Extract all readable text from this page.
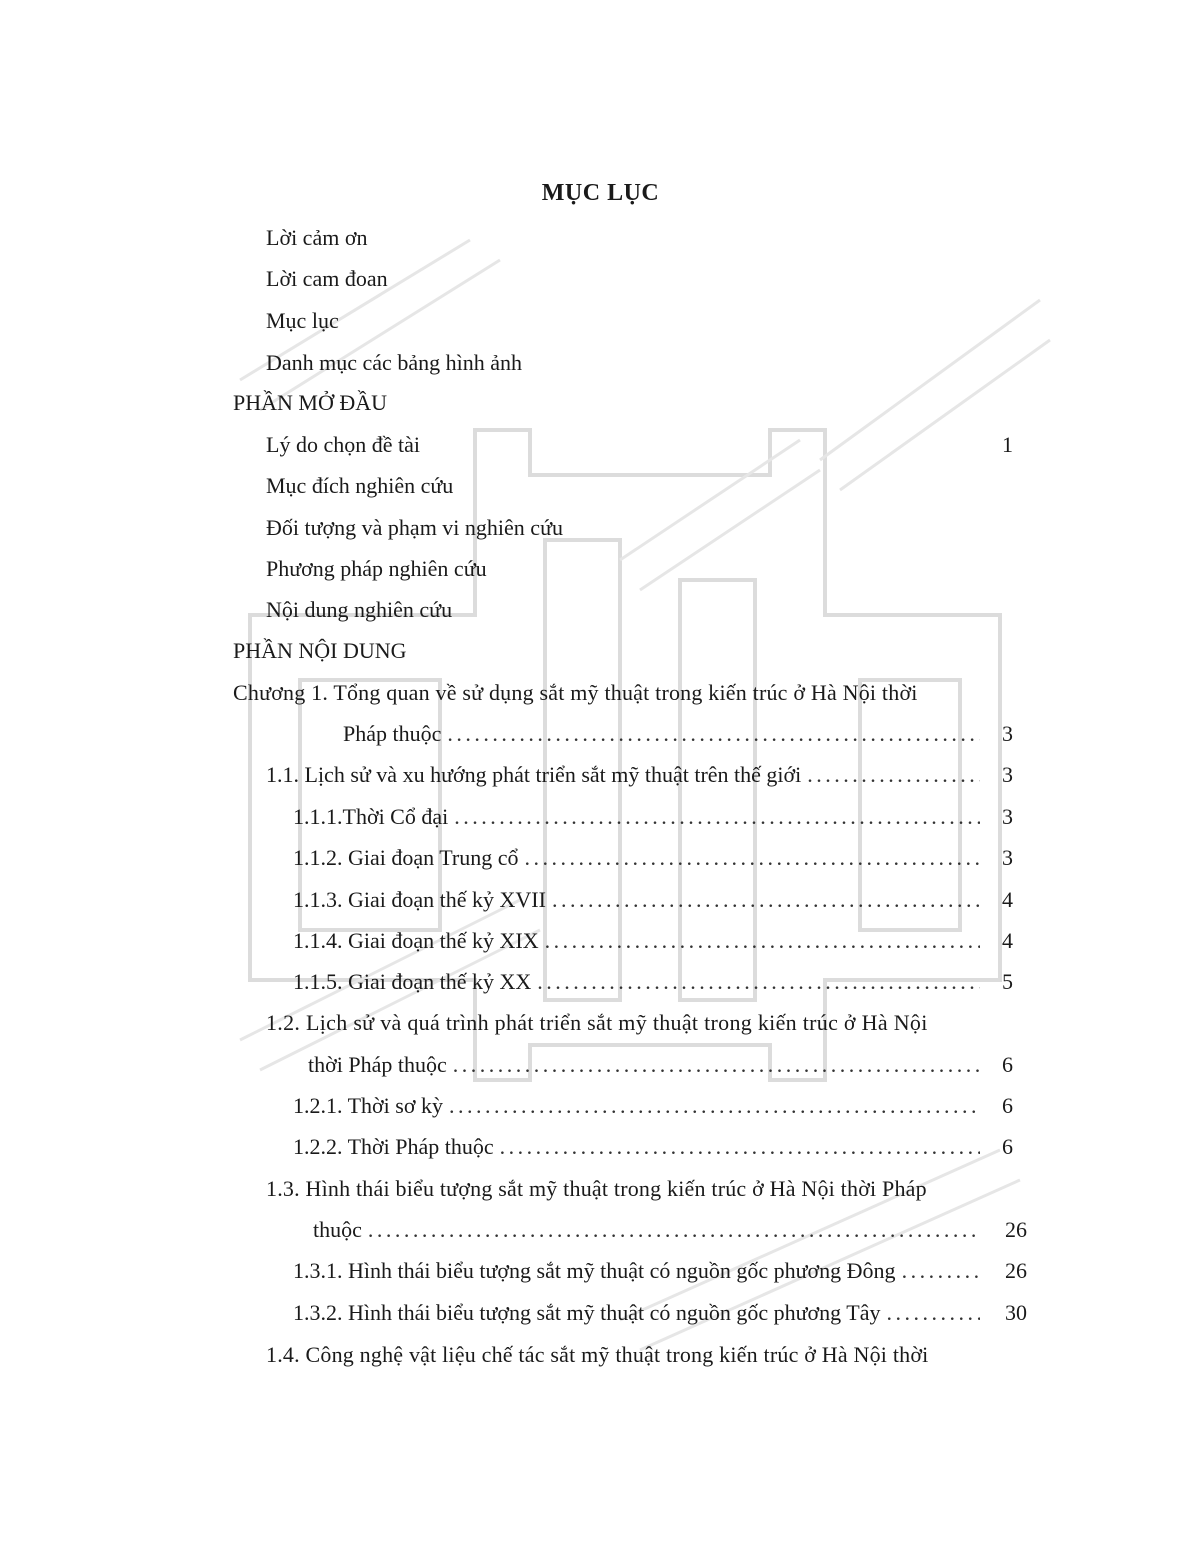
MỤC LỤC
Lời cảm ơn
Lời cam đoan
Mục lục
Danh mục các bảng hình ảnh
PHẦN MỞ ĐẦU
Lý do chọn đề tài	1
Mục đích nghiên cứu
Đối tượng và phạm vi nghiên cứu
Phương pháp nghiên cứu
Nội dung nghiên cứu
PHẦN NỘI DUNG
Chương 1. Tổng quan về sử dụng sắt mỹ thuật trong kiến trúc ở Hà Nội thời
Pháp thuộc . . .	3
1.1. Lịch sử và xu hướng phát triển sắt mỹ thuật trên thế giới . . .	3
1.1.1.Thời Cổ đại . . .	3
1.1.2. Giai đoạn Trung cổ . . .	3
1.1.3. Giai đoạn thế kỷ XVII . . .	4
1.1.4. Giai đoạn thế kỷ XIX . . .	4
1.1.5. Giai đoạn thế kỷ XX . . .	5
1.2. Lịch sử và quá trình phát triển sắt mỹ thuật trong kiến trúc ở Hà Nội
thời Pháp thuộc . . .	6
1.2.1. Thời sơ kỳ . . .	6
1.2.2. Thời Pháp thuộc . . .	6
1.3. Hình thái biểu tượng sắt mỹ thuật trong kiến trúc ở Hà Nội thời Pháp
thuộc . . .	26
1.3.1. Hình thái biểu tượng sắt mỹ thuật có nguồn gốc phương Đông . . .	26
1.3.2. Hình thái biểu tượng sắt mỹ thuật có nguồn gốc phương Tây . . .	30
1.4. Công nghệ vật liệu chế tác sắt mỹ thuật trong kiến trúc ở Hà Nội thời
